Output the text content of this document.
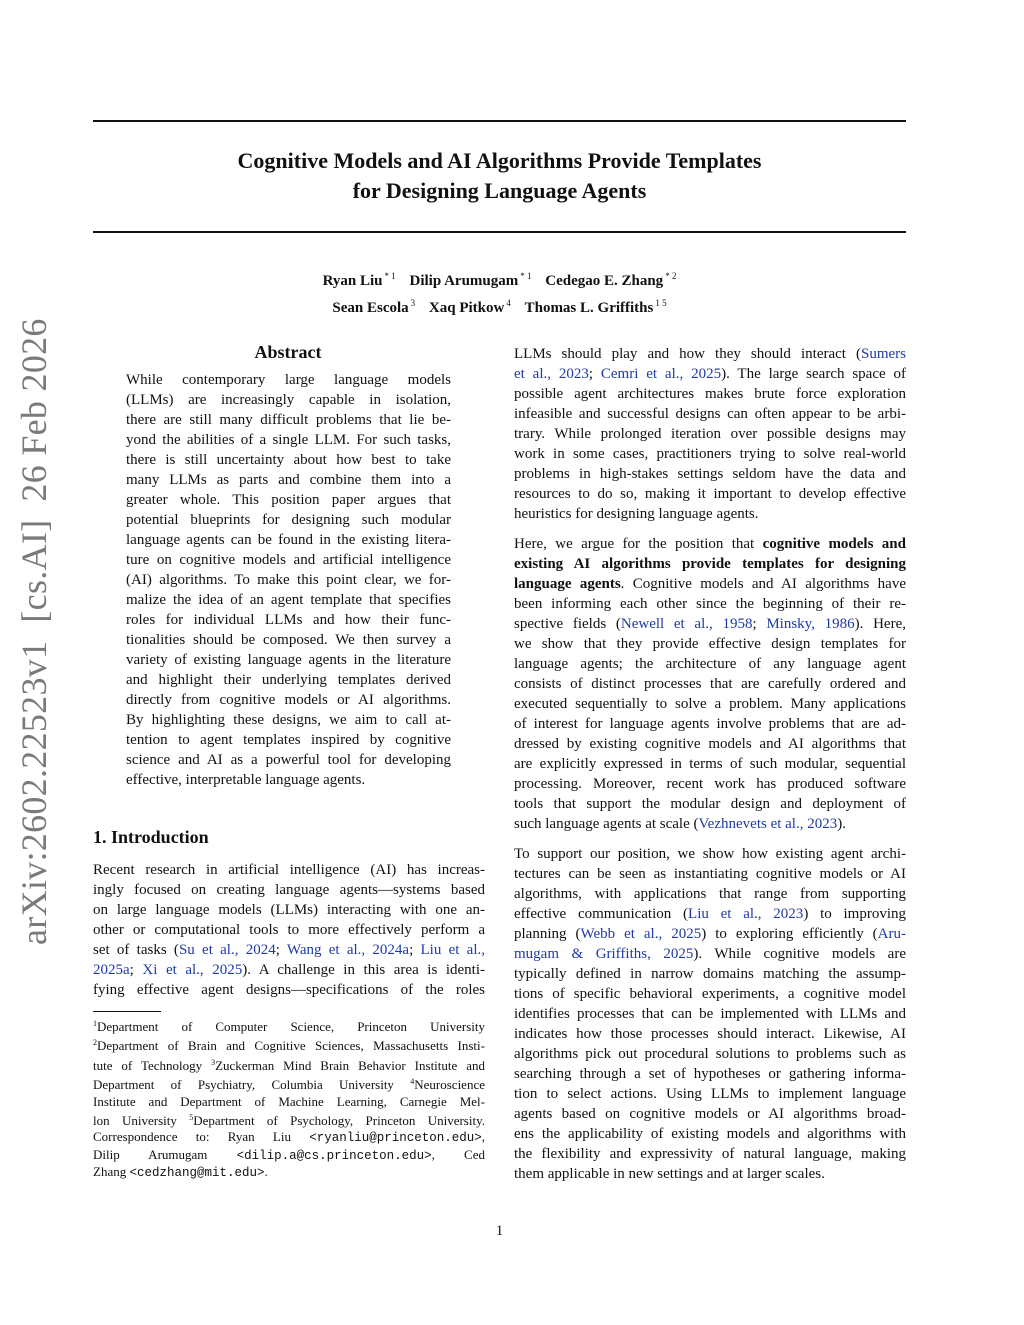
Cognitive Models and AI Algorithms Provide Templates
for Designing Language Agents
Ryan Liu $^{* 1}$ Dilip Arumugam $^{* 1}$ Cedegao E. Zhang $^{* 2}$
Sean Escola $^3$ Xaq Pitkow $^4$ Thomas L. Griffiths $^{1 5}$
arXiv:2602.22523v1[cs.AI]26 Feb 2026	Abstract
While contemporary large language models
(LLMs) are increasingly capable in isolation,
there are still many difficult problems that lie be-
yond the abilities of a single LLM. For such tasks,
there is still uncertainty about how best to take
many LLMs as parts and combine them into a
greater whole. This position paper argues that
potential blueprints for designing such modular
language agents can be found in the existing litera-
ture on cognitive models and artificial intelligence
(AI) algorithms. To make this point clear, we for-
malize the idea of an agent template that specifies
roles for individual LLMs and how their func-
tionalities should be composed. We then survey a
variety of existing language agents in the literature
and highlight their underlying templates derived
directly from cognitive models or AI algorithms.
By highlighting these designs, we aim to call at-
tention to agent templates inspired by cognitive
science and AI as a powerful tool for developing
effective, interpretable language agents.
1. Introduction
Recent research in artificial intelligence (AI) has increas-
ingly focused on creating language agents—systems based
on large language models (LLMs) interacting with one an-
other or computational tools to more effectively perform a
set of tasks (Su et al., 2024; Wang et al., 2024a; Liu et al.,
2025a; Xi et al., 2025). A challenge in this area is identi-
fying effective agent designs—specifications of the roles
$^1$Department of Computer Science, Princeton University
$^2$Department of Brain and Cognitive Sciences, Massachusetts Insti-
tute of Technology $^3$Zuckerman Mind Brain Behavior Institute and
Department of Psychiatry, Columbia University $^4$Neuroscience
Institute and Department of Machine Learning, Carnegie Mel-
lon University $^5$Department of Psychology, Princeton University.
Correspondence to: Ryan Liu <ryanliu@princeton.edu>,
Dilip Arumugam <dilip.a@cs.princeton.edu>, Ced
Zhang <cedzhang@mit.edu>.
LLMs should play and how they should interact (Sumers
et al., 2023; Cemri et al., 2025). The large search space of
possible agent architectures makes brute force exploration
infeasible and successful designs can often appear to be arbi-
trary. While prolonged iteration over possible designs may
work in some cases, practitioners trying to solve real-world
problems in high-stakes settings seldom have the data and
resources to do so, making it important to develop effective
heuristics for designing language agents.
Here, we argue for the position that cognitive models and
existing AI algorithms provide templates for designing
language agents. Cognitive models and AI algorithms have
been informing each other since the beginning of their re-
spective fields (Newell et al., 1958; Minsky, 1986). Here,
we show that they provide effective design templates for
language agents; the architecture of any language agent
consists of distinct processes that are carefully ordered and
executed sequentially to solve a problem. Many applications
of interest for language agents involve problems that are ad-
dressed by existing cognitive models and AI algorithms that
are explicitly expressed in terms of such modular, sequential
processing. Moreover, recent work has produced software
tools that support the modular design and deployment of
such language agents at scale (Vezhnevets et al., 2023).
To support our position, we show how existing agent archi-
tectures can be seen as instantiating cognitive models or AI
algorithms, with applications that range from supporting
effective communication (Liu et al., 2023) to improving
planning (Webb et al., 2025) to exploring efficiently (Aru-
mugam & Griffiths, 2025). While cognitive models are
typically defined in narrow domains matching the assump-
tions of specific behavioral experiments, a cognitive model
identifies processes that can be implemented with LLMs and
indicates how those processes should interact. Likewise, AI
algorithms pick out procedural solutions to problems such as
searching through a set of hypotheses or gathering informa-
tion to select actions. Using LLMs to implement language
agents based on cognitive models or AI algorithms broad-
ens the applicability of existing models and algorithms with
the flexibility and expressivity of natural language, making
them applicable in new settings and at larger scales.
1
